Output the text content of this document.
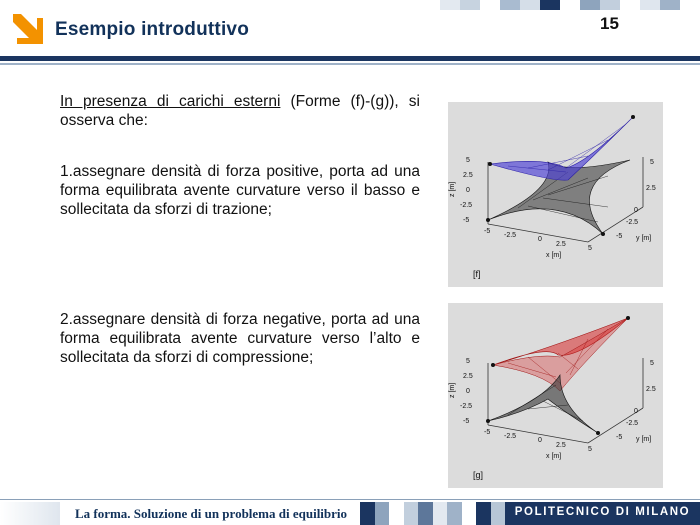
Esempio introduttivo	15
In presenza di carichi esterni (Forme (f)-(g)), si osserva che:
1.assegnare densità di forza positive, porta ad una forma equilibrata avente curvature verso il basso e sollecitata da sforzi di trazione;
2.assegnare densità di forza negative, porta ad una forma equilibrata avente curvature verso l’alto e sollecitata da sforzi di compressione;
z [m]
x [m]
y [m]
5
2.5
0
-2.5
-5
-5
-2.5
0
2.5
5
-5
-2.5
0
2.5
5
[f]
z [m]
x [m]
y [m]
5
2.5
0
-2.5
-5
-5
-2.5
0
2.5
5
-5
-2.5
0
2.5
5
[g]
La forma. Soluzione di un problema di equilibrio	POLITECNICO DI MILANO
